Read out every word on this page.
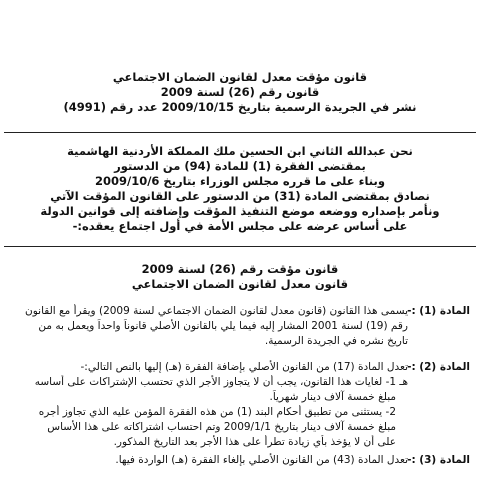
قانون مؤقت معدل لقانون الضمان الاجتماعي
قانون رقم (26) لسنة 2009
نشر في الجريدة الرسمية بتاريخ 2009/10/15 عدد رقم (4991)
نحن عبدالله الثاني ابن الحسين ملك المملكة الأردنية الهاشمية
بمقتضى الفقرة (1) للمادة (94) من الدستور
وبناء على ما قرره مجلس الوزراء بتاريخ 2009/10/6
نصادق بمقتضى المادة (31) من الدستور على القانون المؤقت الآتي
ونأمر بإصداره ووضعه موضع التنفيذ المؤقت وإضافته إلى قوانين الدولة
على أساس عرضه على مجلس الأمة في أول اجتماع يعقده:-
قانون مؤقت رقم (26) لسنة 2009
قانون معدل لقانون الضمان الاجتماعي
المادة (1) :-
يسمى هذا القانون (قانون معدل لقانون الضمان الاجتماعي لسنة 2009) ويقرأ مع القانون
رقم (19) لسنة 2001 المشار إليه فيما يلي بالقانون الأصلي قانوناً واحداً ويعمل به من
تاريخ نشره في الجريدة الرسمية.
المادة (2) :-
تعدل المادة (17) من القانون الأصلي بإضافة الفقرة (هـ) إليها بالنص التالي:-
هـ 1- لغايات هذا القانون، يجب أن لا يتجاوز الأجر الذي تحتسب الإشتراكات على أساسه
مبلغ خمسة آلاف دينار شهرياً.
2- يستثنى من تطبيق أحكام البند (1) من هذه الفقرة المؤمن عليه الذي تجاوز أجره
مبلغ خمسة آلاف دينار بتاريخ 2009/1/1 وتم احتساب اشتراكاته على هذا الأساس
على أن لا يؤخذ بأي زيادة تطرأ على هذا الأجر بعد التاريخ المذكور.
المادة (3) :-
تعدل المادة (43) من القانون الأصلي بإلغاء الفقرة (هـ) الواردة فيها.
